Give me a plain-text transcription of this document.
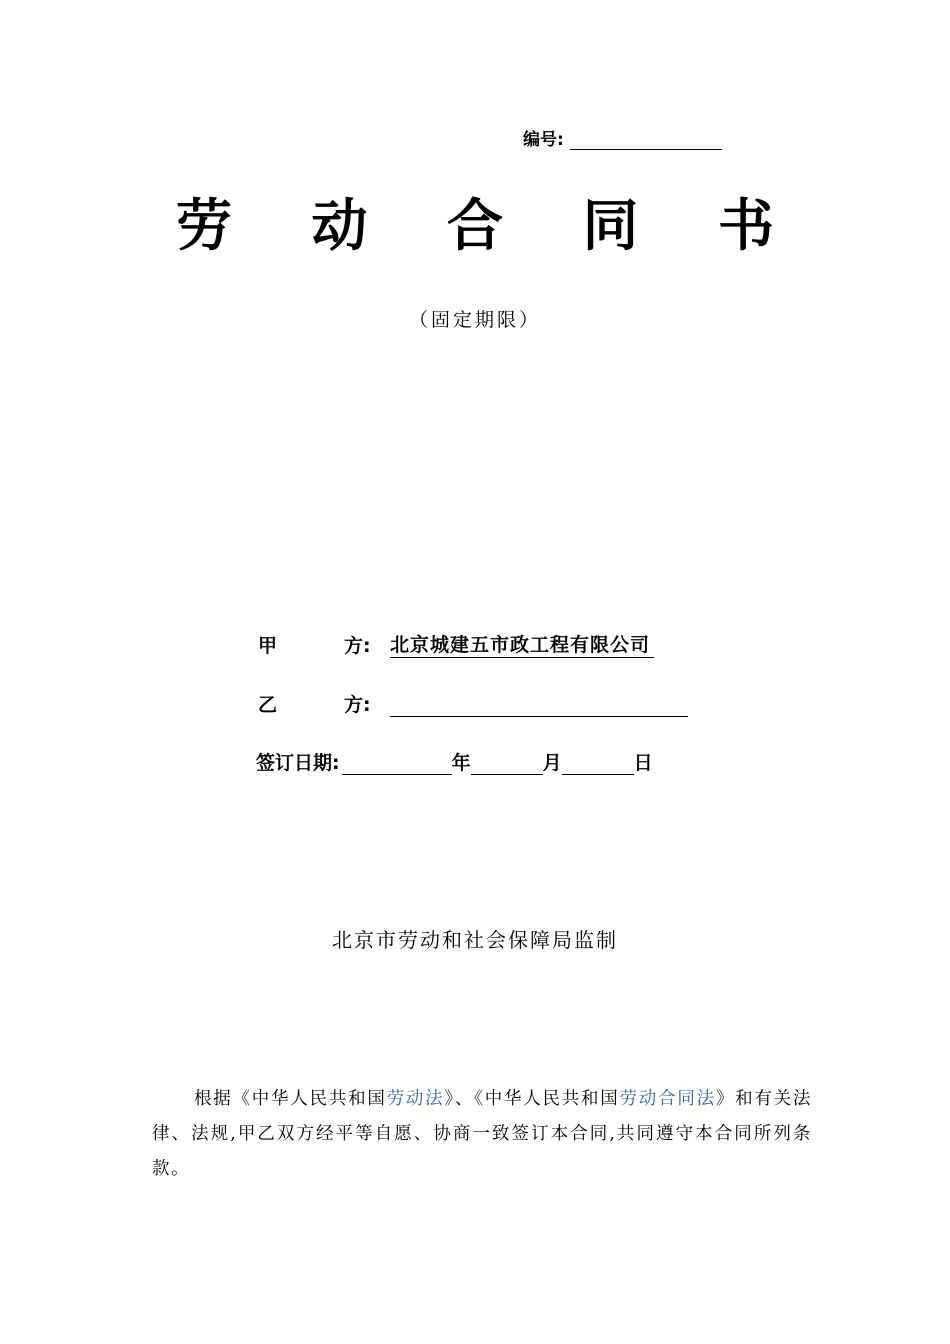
编号:
劳 动 合 同 书
（固定期限）
甲	方:	北京城建五市政工程有限公司
乙	方:
签订日期:	年	月	日
北京市劳动和社会保障局监制
根据《中华人民共和国劳动法》、《中华人民共和国劳动合同法》和有关法律、法规,甲乙双方经平等自愿、协商一致签订本合同,共同遵守本合同所列条款。
